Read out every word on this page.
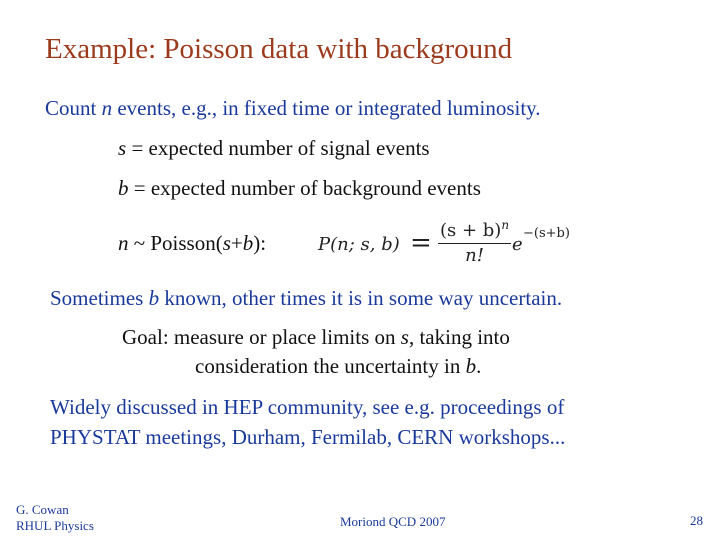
Example: Poisson data with background
Count n events, e.g., in fixed time or integrated luminosity.
s = expected number of signal events
b = expected number of background events
n ~ Poisson(s+b):	P(n; s, $b) = (s + b)^n$
n!
e
−(s+b)
Sometimes b known, other times it is in some way uncertain.
Goal: measure or place limits on s, taking into
consideration the uncertainty in b.
Widely discussed in HEP community, see e.g. proceedings of
PHYSTAT meetings, Durham, Fermilab, CERN workshops...
G. Cowan
RHUL Physics	Moriond QCD 2007	28
